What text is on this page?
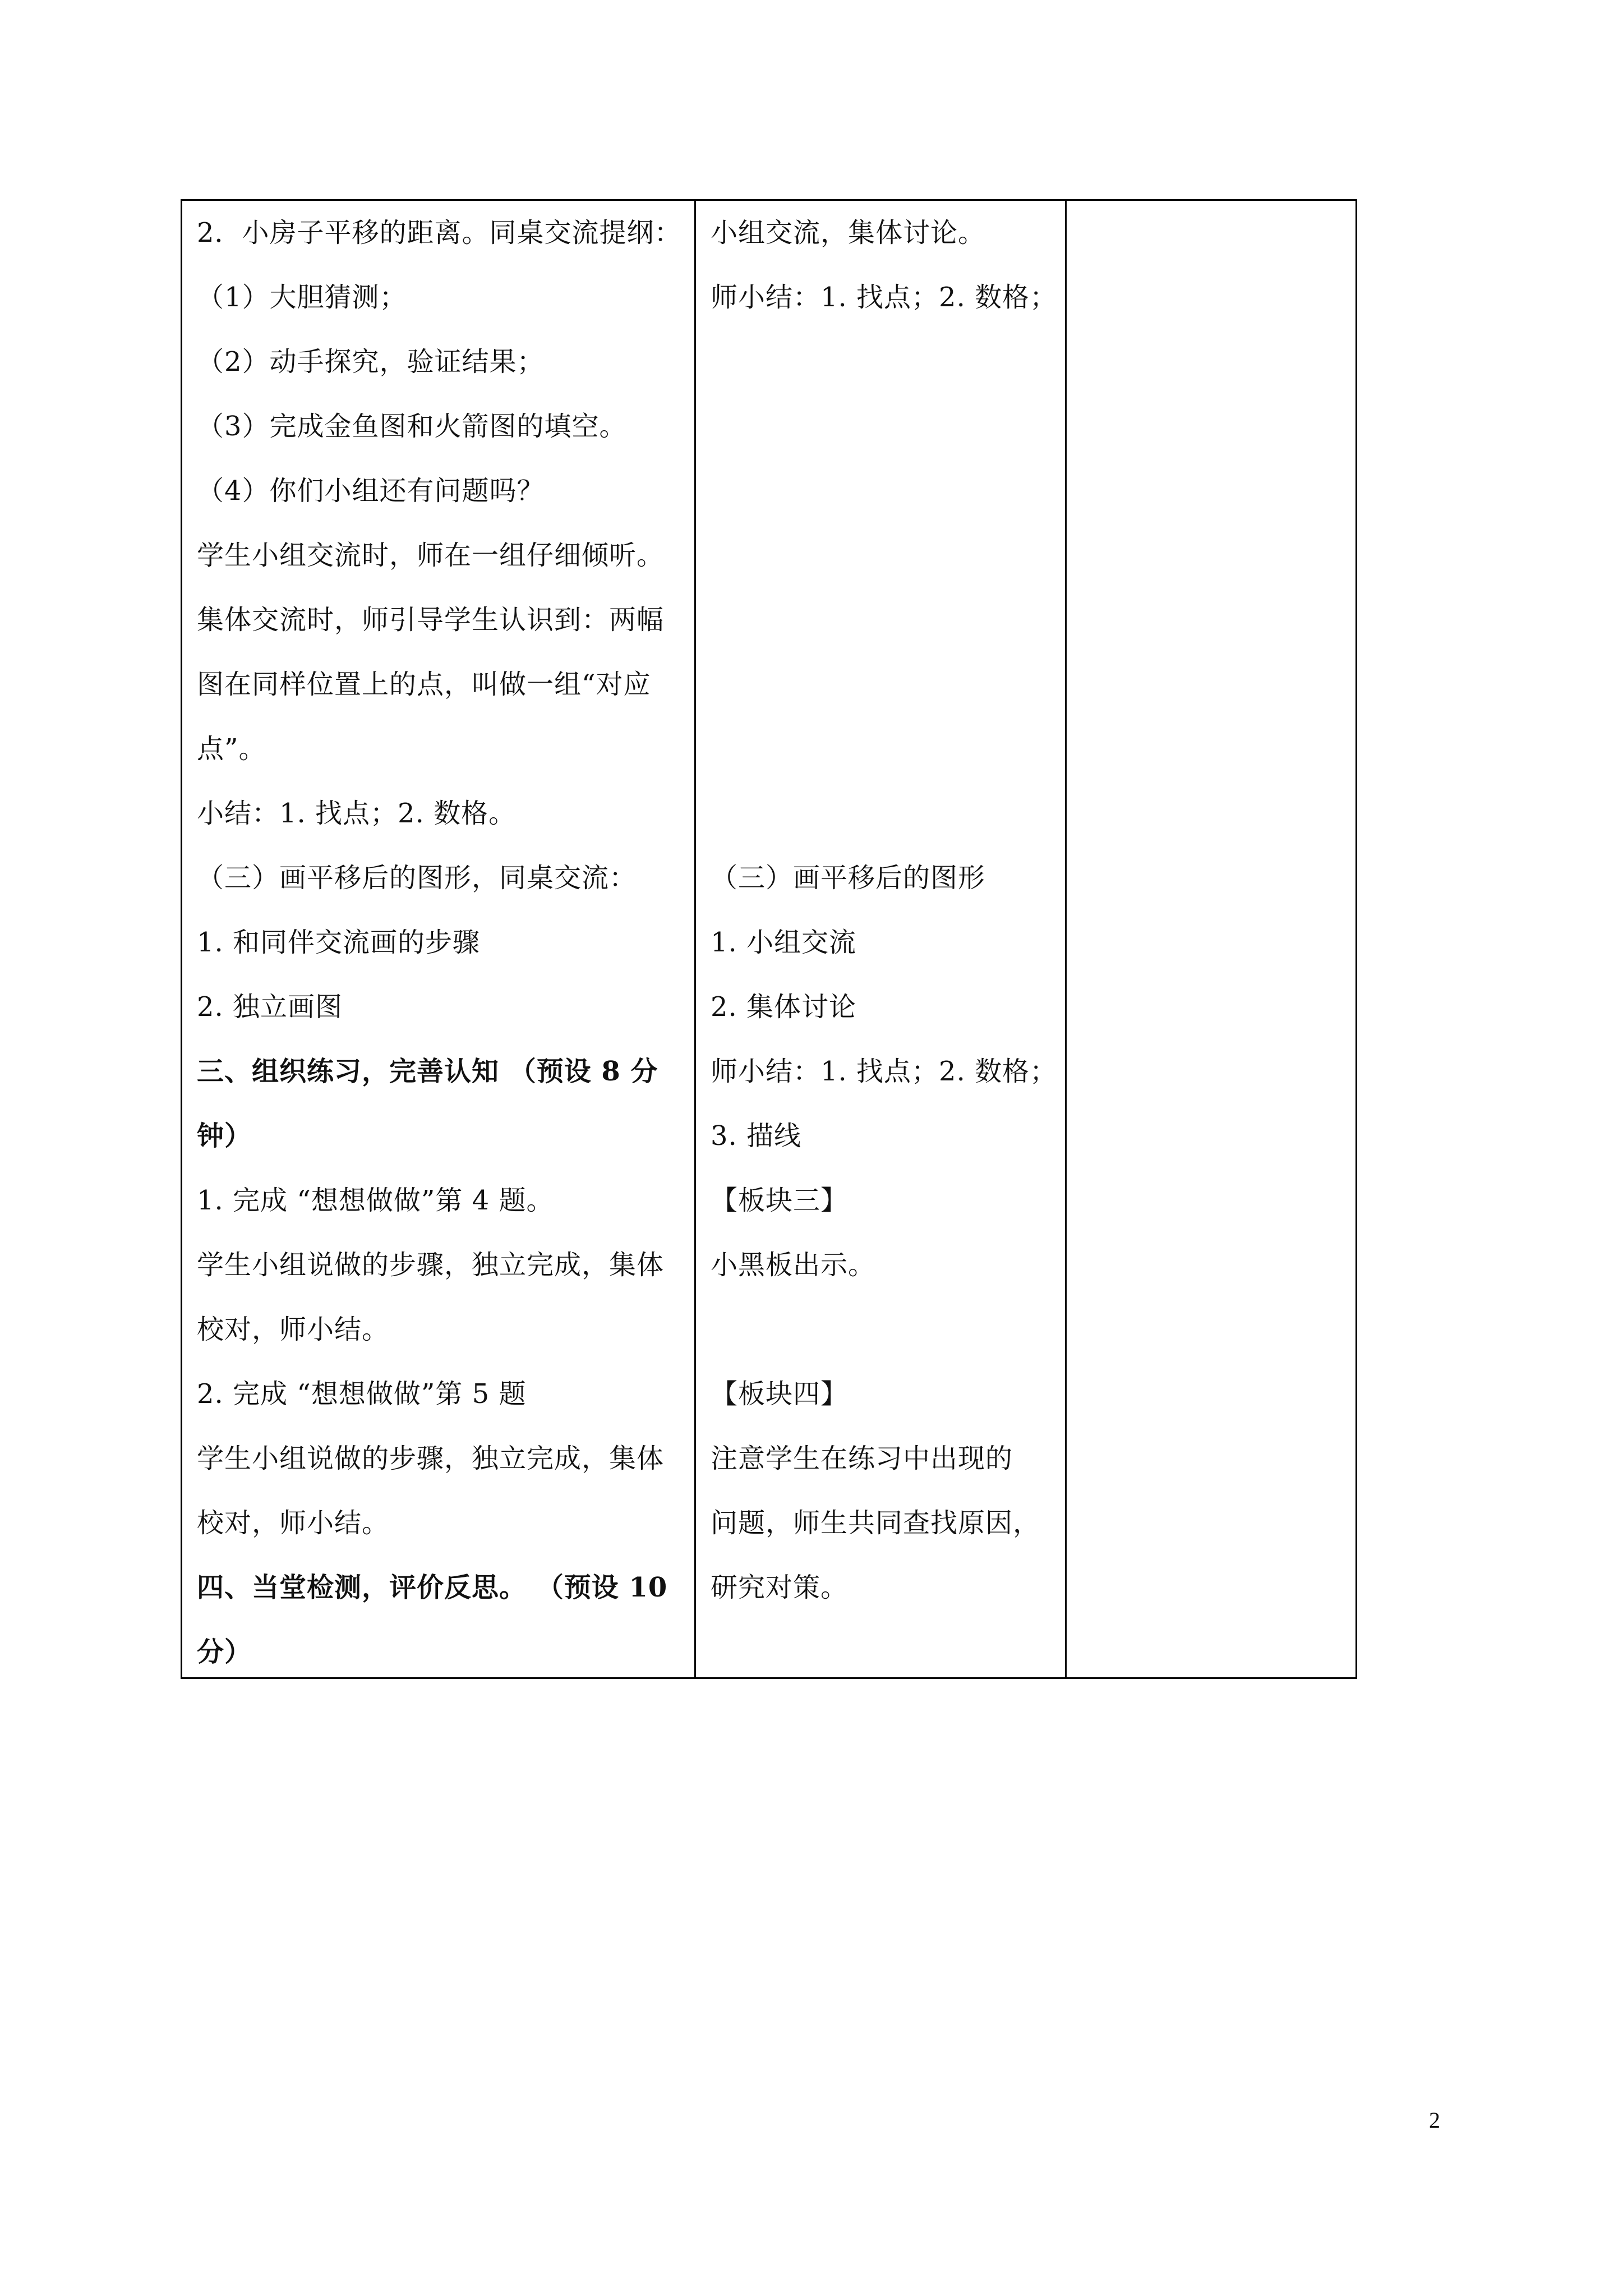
2．小房子平移的距离。同桌交流提纲：
（1）大胆猜测；
（2）动手探究，验证结果；
（3）完成金鱼图和火箭图的填空。
（4）你们小组还有问题吗？
学生小组交流时，师在一组仔细倾听。
集体交流时，师引导学生认识到：两幅
图在同样位置上的点，叫做一组“对应
点”。
小结：1. 找点；2. 数格。
（三）画平移后的图形，同桌交流：
1. 和同伴交流画的步骤
2. 独立画图
三、组织练习，完善认知 （预设 8 分
钟）
1. 完成 “想想做做”第 4 题。
学生小组说做的步骤，独立完成，集体
校对，师小结。
2. 完成 “想想做做”第 5 题
学生小组说做的步骤，独立完成，集体
校对，师小结。
四、当堂检测，评价反思。 （预设 10
分）
小组交流，集体讨论。
师小结：1. 找点；2. 数格；
（三）画平移后的图形
1. 小组交流
2. 集体讨论
师小结：1. 找点；2. 数格；
3. 描线
【板块三】
小黑板出示。
【板块四】
注意学生在练习中出现的
问题，师生共同查找原因，
研究对策。
2
